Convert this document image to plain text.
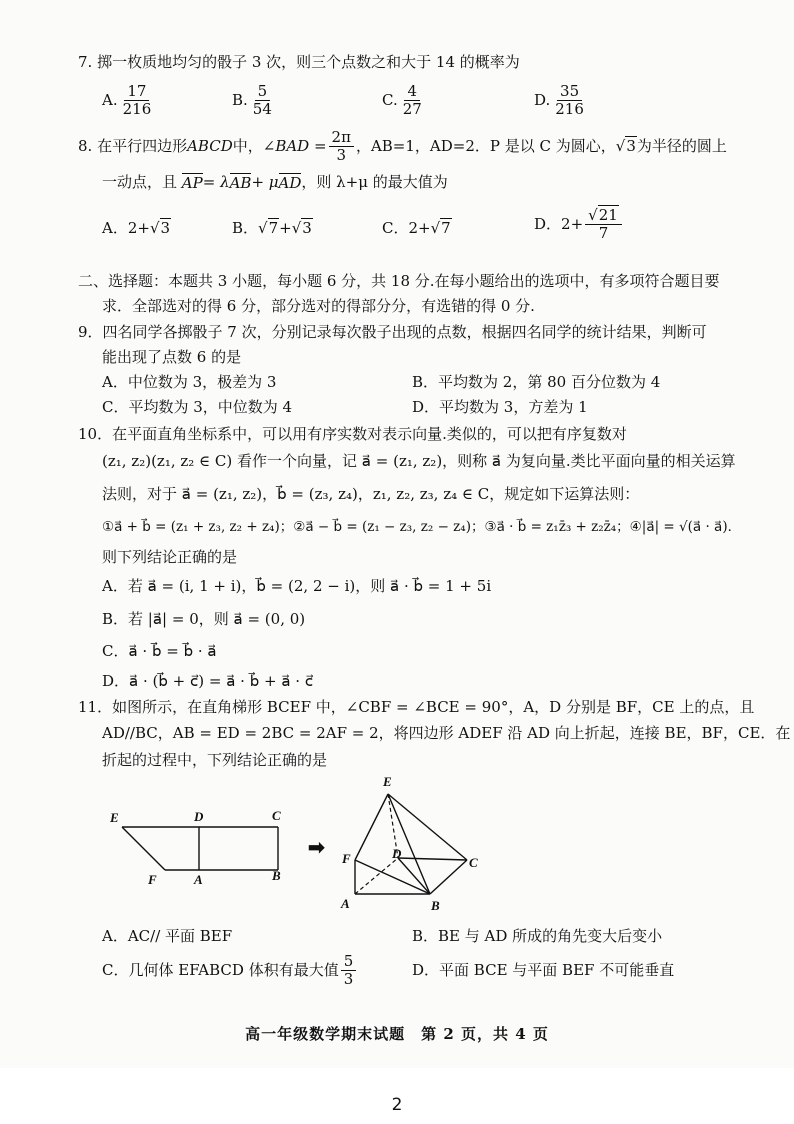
7. 掷一枚质地均匀的骰子 3 次，则三个点数之和大于 14 的概率为
A. $\frac{17}{216}$	B. $\frac{5}{54}$	C. $\frac{4}{27}$	D. $\frac{35}{216}$
8. 在平行四边形 ABCD 中， ∠BAD = $\frac{2\pi}{3}$ ，AB=1，AD=2．P 是以 C 为圆心， √3 为半径的圆上
一动点，且
AP = λ AB + μ AD ，则 λ+μ 的最大值为
A． 2+ √3	B． √7 + √3	C． 2+ √7	D． $2+ \frac{√21}{7}$
二、选择题：本题共 3 小题，每小题 6 分，共 18 分.在每小题给出的选项中，有多项符合题目要
求．全部选对的得 6 分，部分选对的得部分分，有选错的得 0 分.
9．四名同学各掷骰子 7 次，分别记录每次骰子出现的点数，根据四名同学的统计结果，判断可
能出现了点数 6 的是
A．中位数为 3，极差为 3	B．平均数为 2，第 80 百分位数为 4
C．平均数为 3，中位数为 4	D．平均数为 3，方差为 1
10．在平面直角坐标系中，可以用有序实数对表示向量.类似的，可以把有序复数对
(z₁, z₂)(z₁, z₂ ∈ C) 看作一个向量，记 a⃗ = (z₁, z₂)，则称 a⃗ 为复向量.类比平面向量的相关运算
法则，对于 a⃗ = (z₁, z₂)，b⃗ = (z₃, z₄)，z₁, z₂, z₃, z₄ ∈ C，规定如下运算法则：
①a⃗ + b⃗ = (z₁ + z₃, z₂ + z₄)；②a⃗ − b⃗ = (z₁ − z₃, z₂ − z₄)；③a⃗ · b⃗ = z₁z̄₃ + z₂z̄₄；④|a⃗| = √(a⃗ · a⃗)．
则下列结论正确的是
A．若 a⃗ = (i, 1 + i)，b⃗ = (2, 2 − i)，则 a⃗ · b⃗ = 1 + 5i
B．若 |a⃗| = 0，则 a⃗ = (0, 0)
C．a⃗ · b⃗ = b⃗ · a⃗
D．a⃗ · (b⃗ + c⃗) = a⃗ · b⃗ + a⃗ · c⃗
11．如图所示，在直角梯形 BCEF 中，∠CBF = ∠BCE = 90°，A，D 分别是 BF，CE 上的点，且
AD//BC，AB = ED = 2BC = 2AF = 2，将四边形 ADEF 沿 AD 向上折起，连接 BE，BF，CE．在
折起的过程中，下列结论正确的是
E	D	C
F	A	B
➡
E
F	D
C
A	B
A．AC// 平面 BEF	B．BE 与 AD 所成的角先变大后变小
C．几何体 EFABCD 体积有最大值 $\frac{5}{3}$	D．平面 BCE 与平面 BEF 不可能垂直
高一年级数学期末试题　第 2 页，共 4 页
2
